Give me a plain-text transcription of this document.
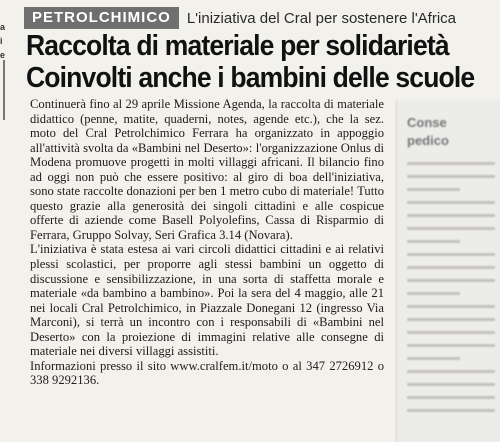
a
i
e
PETROLCHIMICO	L'iniziativa del Cral per sostenere l'Africa
Raccolta di materiale per solidarietà
Coinvolti anche i bambini delle scuole

Continuerà fino al 29 aprile Missione Agenda, la raccolta di materiale didattico (penne, matite, quaderni, notes, agende etc.), che la sez. moto del Cral Petrolchimico Ferrara ha organizzato in appoggio all'attività svolta da «Bambini nel Deserto»: l'organizzazione Onlus di Modena promuove progetti in molti villaggi africani. Il bilancio fino ad oggi non può che essere positivo: al giro di boa dell'iniziativa, sono state raccolte donazioni per ben 1 metro cubo di materiale! Tutto questo grazie alla generosità dei singoli cittadini e alle cospicue offerte di aziende come Basell Polyolefins, Cassa di Risparmio di Ferrara, Gruppo Solvay, Seri Grafica 3.14 (Novara).

L'iniziativa è stata estesa ai vari circoli didattici cittadini e ai relativi plessi scolastici, per proporre agli stessi bambini un oggetto di discussione e sensibilizzazione, in una sorta di staffetta morale e materiale «da bambino a bambino». Poi la sera del 4 maggio, alle 21 nei locali Cral Petrolchimico, in Piazzale Donegani 12 (ingresso Via Marconi), si terrà un incontro con i responsabili di «Bambini nel Deserto» con la proiezione di immagini relative alle consegne di materiale nei diversi villaggi assistiti.

Informazioni presso il sito www.cralfem.it/moto o al 347 2726912 o 338 9292136.

Conse
pedico
